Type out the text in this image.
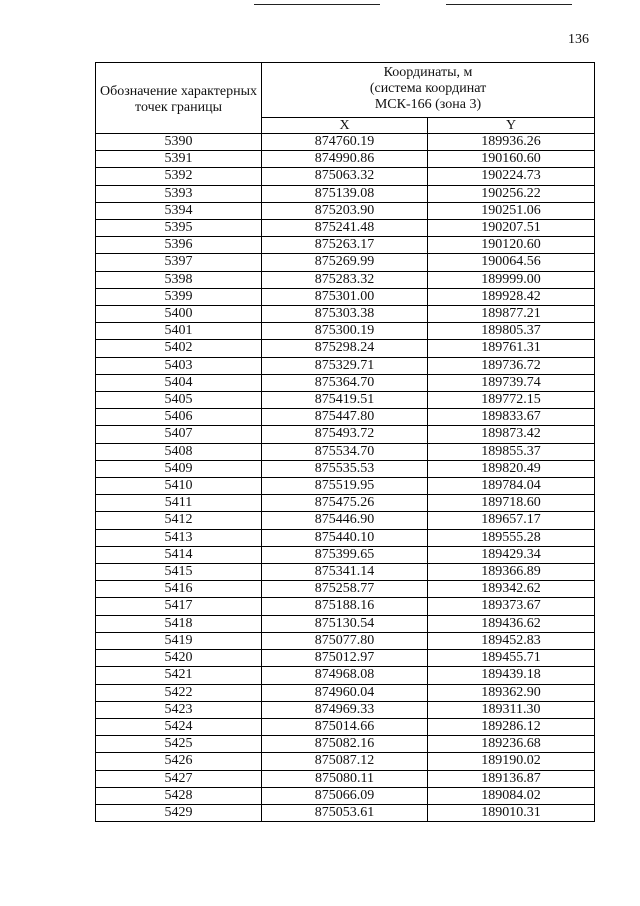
136
Обозначение характерных точек границы	Координаты, м
(система координат
МСК-166 (зона 3)	

	X	Y
5390	874760.19	189936.26
5391	874990.86	190160.60
5392	875063.32	190224.73
5393	875139.08	190256.22
5394	875203.90	190251.06
5395	875241.48	190207.51
5396	875263.17	190120.60
5397	875269.99	190064.56
5398	875283.32	189999.00
5399	875301.00	189928.42
5400	875303.38	189877.21
5401	875300.19	189805.37
5402	875298.24	189761.31
5403	875329.71	189736.72
5404	875364.70	189739.74
5405	875419.51	189772.15
5406	875447.80	189833.67
5407	875493.72	189873.42
5408	875534.70	189855.37
5409	875535.53	189820.49
5410	875519.95	189784.04
5411	875475.26	189718.60
5412	875446.90	189657.17
5413	875440.10	189555.28
5414	875399.65	189429.34
5415	875341.14	189366.89
5416	875258.77	189342.62
5417	875188.16	189373.67
5418	875130.54	189436.62
5419	875077.80	189452.83
5420	875012.97	189455.71
5421	874968.08	189439.18
5422	874960.04	189362.90
5423	874969.33	189311.30
5424	875014.66	189286.12
5425	875082.16	189236.68
5426	875087.12	189190.02
5427	875080.11	189136.87
5428	875066.09	189084.02
5429	875053.61	189010.31
